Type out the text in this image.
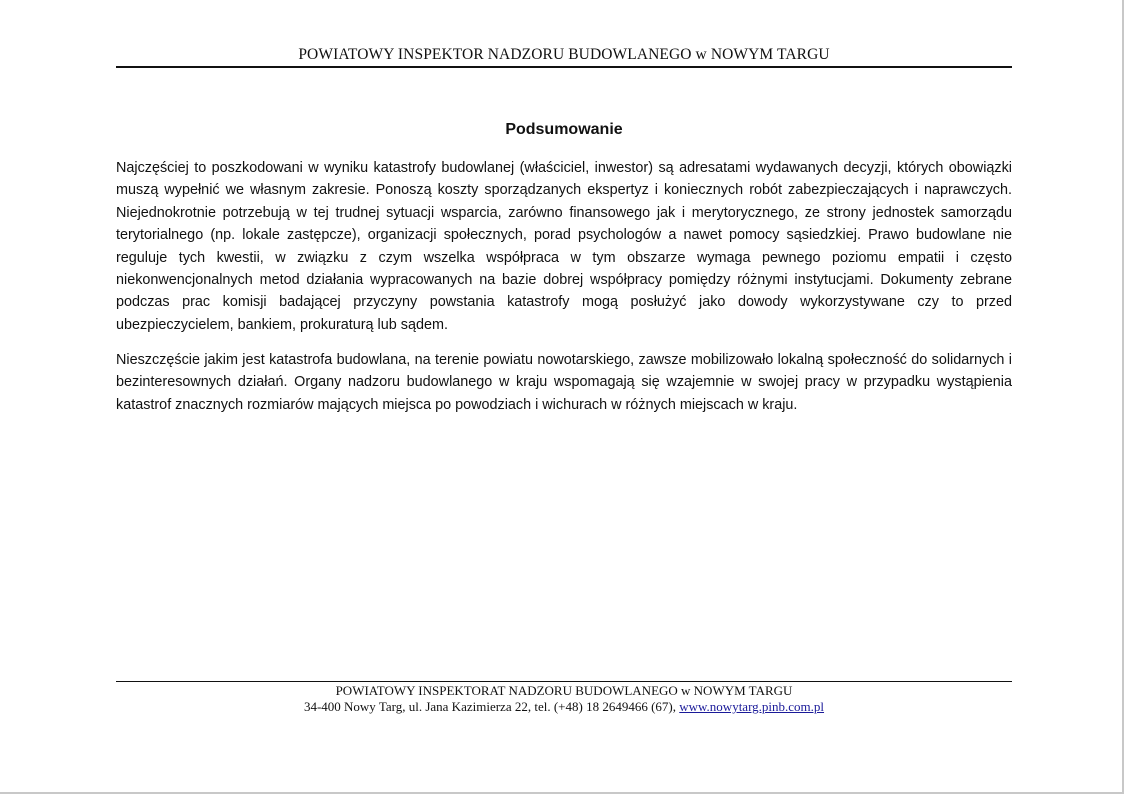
POWIATOWY INSPEKTOR NADZORU BUDOWLANEGO w NOWYM TARGU
Podsumowanie

Najczęściej to poszkodowani w wyniku katastrofy budowlanej (właściciel, inwestor) są adresatami wydawanych decyzji, których obowiązki muszą wypełnić we własnym zakresie. Ponoszą koszty sporządzanych ekspertyz i koniecznych robót zabezpieczających i naprawczych. Niejednokrotnie potrzebują w tej trudnej sytuacji wsparcia, zarówno finansowego jak i merytorycznego, ze strony jednostek samorządu terytorialnego (np. lokale zastępcze), organizacji społecznych, porad psychologów a nawet pomocy sąsiedzkiej. Prawo budowlane nie reguluje tych kwestii, w związku z czym wszelka współpraca w tym obszarze wymaga pewnego poziomu empatii i często niekonwencjonalnych metod działania wypracowanych na bazie dobrej współpracy pomiędzy różnymi instytucjami. Dokumenty zebrane podczas prac komisji badającej przyczyny powstania katastrofy mogą posłużyć jako dowody wykorzystywane czy to przed ubezpieczycielem, bankiem, prokuraturą lub sądem.

Nieszczęście jakim jest katastrofa budowlana, na terenie powiatu nowotarskiego, zawsze mobilizowało lokalną społeczność do solidarnych i bezinteresownych działań. Organy nadzoru budowlanego w kraju wspomagają się wzajemnie w swojej pracy w przypadku wystąpienia katastrof znacznych rozmiarów mających miejsca po powodziach i wichurach w różnych miejscach w kraju.

POWIATOWY INSPEKTORAT NADZORU BUDOWLANEGO w NOWYM TARGU
34-400 Nowy Targ, ul. Jana Kazimierza 22, tel. (+48) 18 2649466 (67), www.nowytarg.pinb.com.pl
